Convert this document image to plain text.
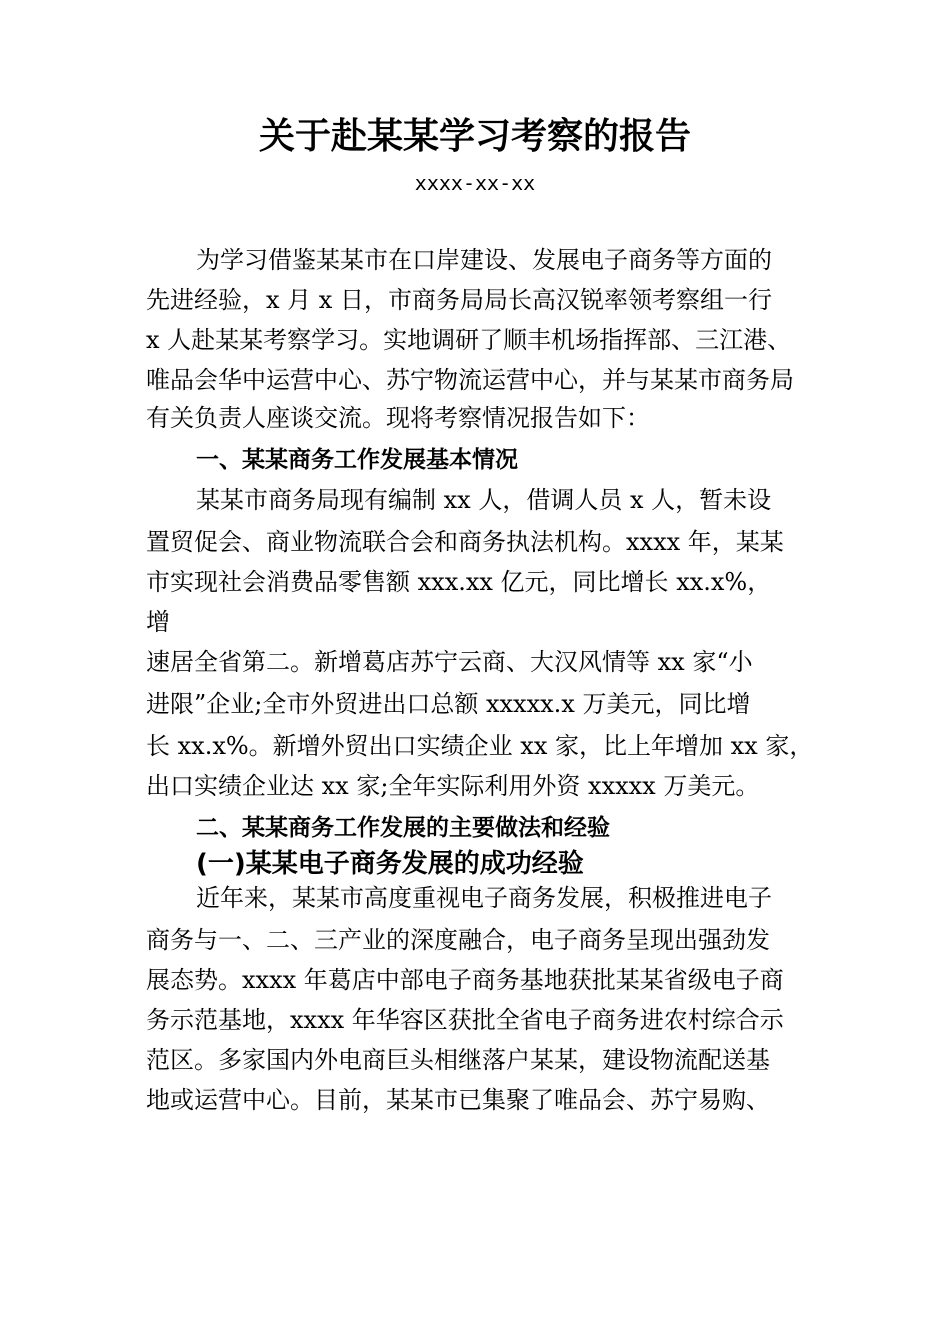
关于赴某某学习考察的报告
xxxx-xx-xx
为学习借鉴某某市在口岸建设、发展电子商务等方面的
先进经验，x 月 x 日，市商务局局长高汉锐率领考察组一行
x 人赴某某考察学习。实地调研了顺丰机场指挥部、三江港、
唯品会华中运营中心、苏宁物流运营中心，并与某某市商务局
有关负责人座谈交流。现将考察情况报告如下：
一、某某商务工作发展基本情况
某某市商务局现有编制 xx 人，借调人员 x 人，暂未设
置贸促会、商业物流联合会和商务执法机构。xxxx 年，某某
市实现社会消费品零售额 xxx.xx 亿元，同比增长 xx.x%，
增
速居全省第二。新增葛店苏宁云商、大汉风情等 xx 家“小
进限”企业;全市外贸进出口总额 xxxxx.x 万美元，同比增
长 xx.x%。新增外贸出口实绩企业 xx 家，比上年增加 xx 家，
出口实绩企业达 xx 家;全年实际利用外资 xxxxx 万美元。
二、某某商务工作发展的主要做法和经验
(一)某某电子商务发展的成功经验
近年来，某某市高度重视电子商务发展，积极推进电子
商务与一、二、三产业的深度融合，电子商务呈现出强劲发
展态势。xxxx 年葛店中部电子商务基地获批某某省级电子商
务示范基地，xxxx 年华容区获批全省电子商务进农村综合示
范区。多家国内外电商巨头相继落户某某，建设物流配送基
地或运营中心。目前，某某市已集聚了唯品会、苏宁易购、
